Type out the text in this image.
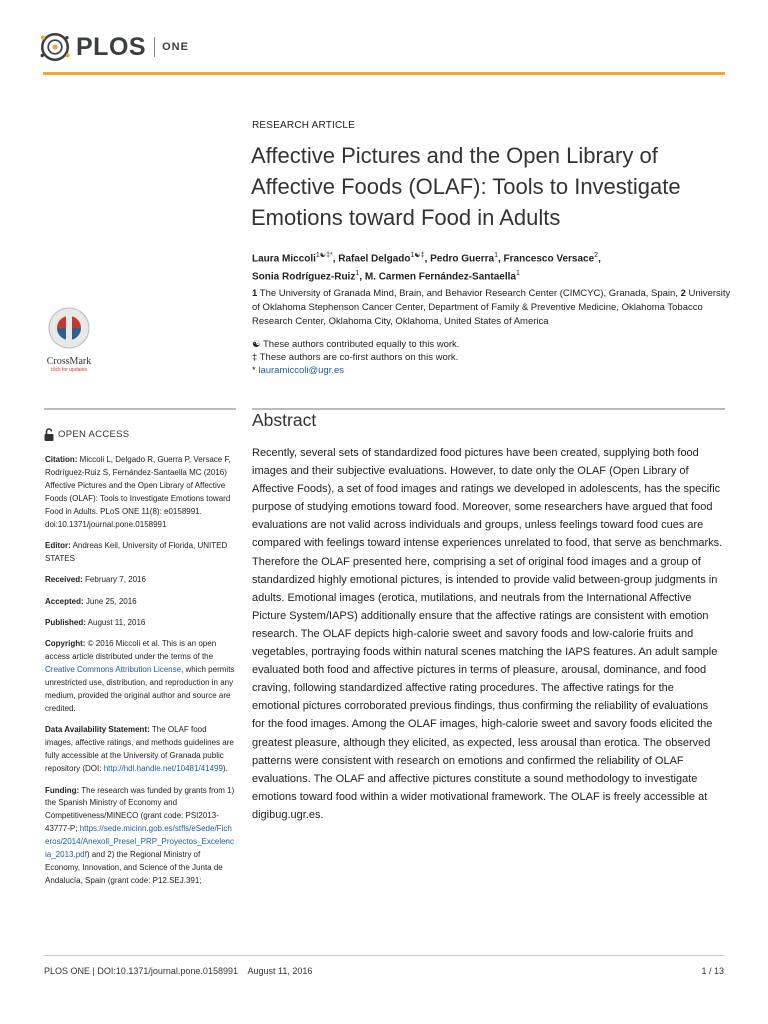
PLOS ONE
RESEARCH ARTICLE
Affective Pictures and the Open Library of Affective Foods (OLAF): Tools to Investigate Emotions toward Food in Adults
Laura Miccoli$^{1☯\ddagger*}$, Rafael Delgado$^{1☯\ddagger}$, Pedro Guerra$^1$, Francesco Versace$^2$,
Sonia Rodríguez-Ruiz$^1$, M. Carmen Fernández-Santaella$^1$
1 The University of Granada Mind, Brain, and Behavior Research Center (CIMCYC), Granada, Spain, 2 University of Oklahoma Stephenson Cancer Center, Department of Family & Preventive Medicine, Oklahoma Tobacco Research Center, Oklahoma City, Oklahoma, United States of America
☯ These authors contributed equally to this work.
‡ These authors are co-first authors on this work.
* lauramiccoli@ugr.es
CrossMark
click for updates
OPEN ACCESS

Citation: Miccoli L, Delgado R, Guerra P, Versace F, Rodríguez-Ruiz S, Fernández-Santaella MC (2016) Affective Pictures and the Open Library of Affective Foods (OLAF): Tools to Investigate Emotions toward Food in Adults. PLoS ONE 11(8): e0158991. doi:10.1371/journal.pone.0158991

Editor: Andreas Keil, University of Florida, UNITED STATES

Received: February 7, 2016

Accepted: June 25, 2016

Published: August 11, 2016

Copyright: © 2016 Miccoli et al. This is an open access article distributed under the terms of the Creative Commons Attribution License, which permits unrestricted use, distribution, and reproduction in any medium, provided the original author and source are credited.

Data Availability Statement: The OLAF food images, affective ratings, and methods guidelines are fully accessible at the University of Granada public repository (DOI: http://hdl.handle.net/10481/41499).

Funding: The research was funded by grants from 1) the Spanish Ministry of Economy and Competitiveness/MINECO (grant code: PSI2013-43777-P; https://sede.micinn.gob.es/stfls/eSede/Ficheros/2014/Anexoll_Presel_PRP_Proyectos_Excelencia_2013.pdf) and 2) the Regional Ministry of Economy, Innovation, and Science of the Junta de Andalucía, Spain (grant code: P12.SEJ.391;

Abstract
Recently, several sets of standardized food pictures have been created, supplying both food images and their subjective evaluations. However, to date only the OLAF (Open Library of Affective Foods), a set of food images and ratings we developed in adolescents, has the specific purpose of studying emotions toward food. Moreover, some researchers have argued that food evaluations are not valid across individuals and groups, unless feelings toward food cues are compared with feelings toward intense experiences unrelated to food, that serve as benchmarks. Therefore the OLAF presented here, comprising a set of original food images and a group of standardized highly emotional pictures, is intended to provide valid between-group judgments in adults. Emotional images (erotica, mutilations, and neutrals from the International Affective Picture System/IAPS) additionally ensure that the affective ratings are consistent with emotion research. The OLAF depicts high-calorie sweet and savory foods and low-calorie fruits and vegetables, portraying foods within natural scenes matching the IAPS features. An adult sample evaluated both food and affective pictures in terms of pleasure, arousal, dominance, and food craving, following standardized affective rating procedures. The affective ratings for the emotional pictures corroborated previous findings, thus confirming the reliability of evaluations for the food images. Among the OLAF images, high-calorie sweet and savory foods elicited the greatest pleasure, although they elicited, as expected, less arousal than erotica. The observed patterns were consistent with research on emotions and confirmed the reliability of OLAF evaluations. The OLAF and affective pictures constitute a sound methodology to investigate emotions toward food within a wider motivational framework. The OLAF is freely accessible at digibug.ugr.es.
PLOS ONE | DOI:10.1371/journal.pone.0158991    August 11, 2016	1 / 13
